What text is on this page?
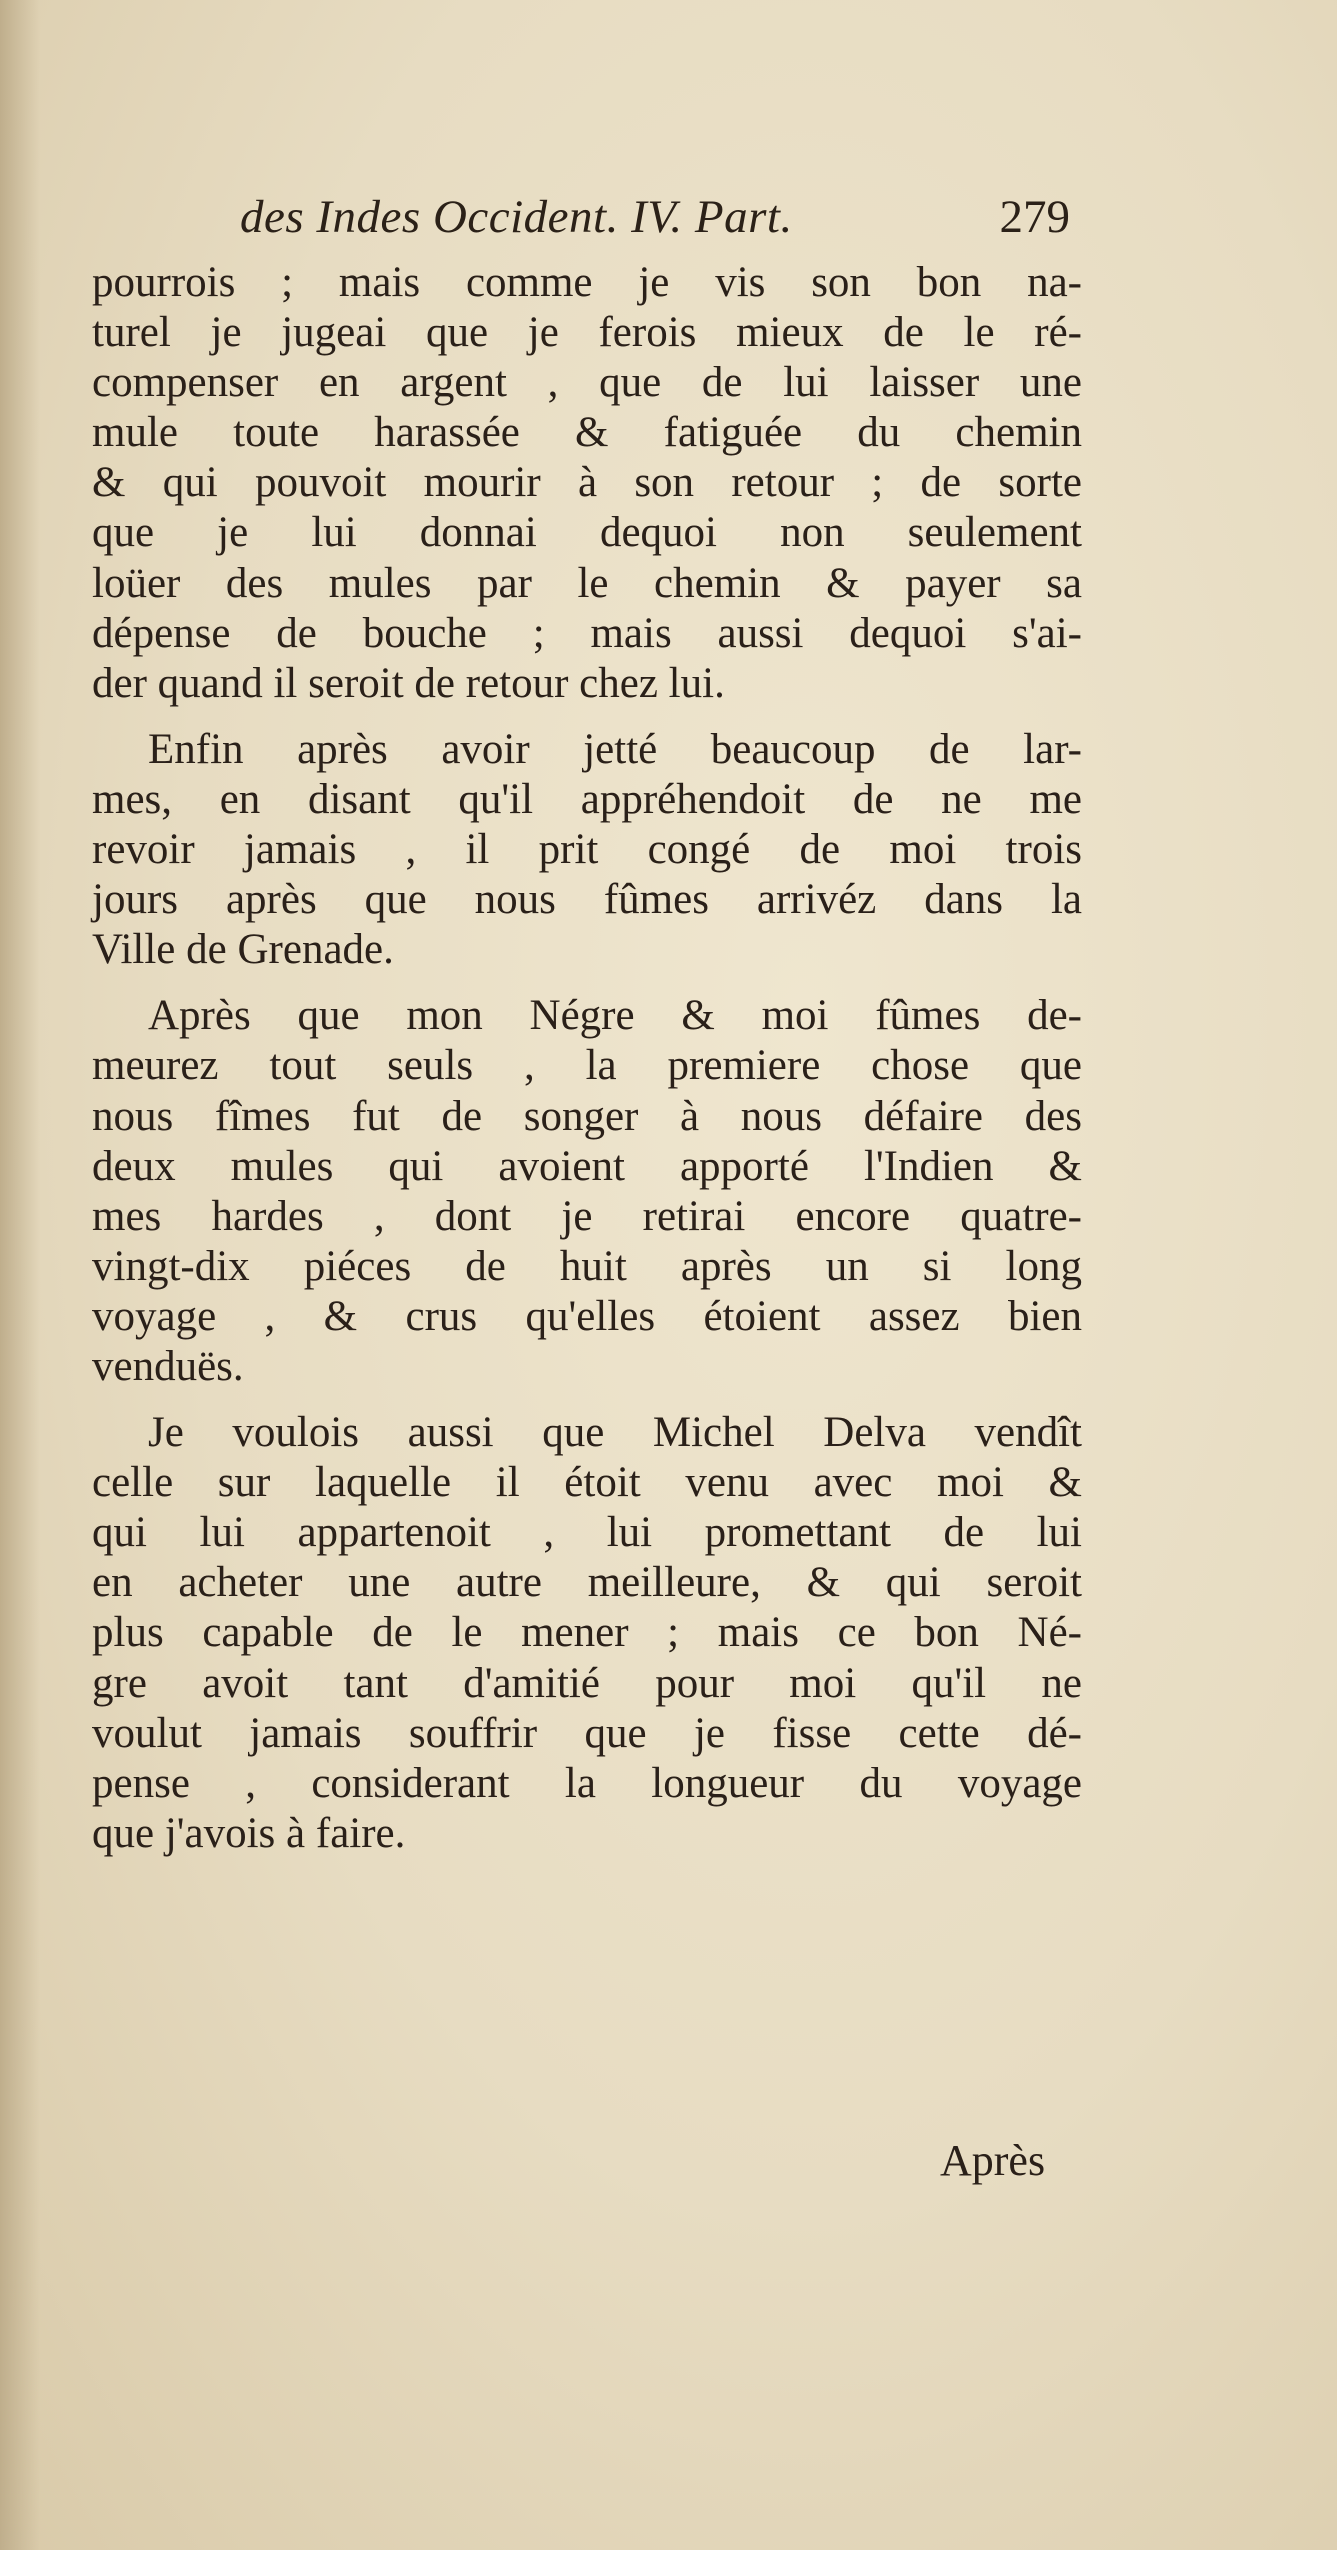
des Indes Occident. IV. Part.	279
pourrois ; mais comme je vis son bon na-
turel je jugeai que je ferois mieux de le ré-
compenser en argent , que de lui laisser une
mule toute harassée & fatiguée du chemin
& qui pouvoit mourir à son retour ; de sorte
que je lui donnai dequoi non seulement
loüer des mules par le chemin & payer sa
dépense de bouche ; mais aussi dequoi s'ai-
der quand il seroit de retour chez lui.
Enfin après avoir jetté beaucoup de lar-
mes, en disant qu'il appréhendoit de ne me
revoir jamais , il prit congé de moi trois
jours après que nous fûmes arrivéz dans la
Ville de Grenade.
Après que mon Négre & moi fûmes de-
meurez tout seuls , la premiere chose que
nous fîmes fut de songer à nous défaire des
deux mules qui avoient apporté l'Indien &
mes hardes , dont je retirai encore quatre-
vingt-dix piéces de huit après un si long
voyage , & crus qu'elles étoient assez bien
venduës.
Je voulois aussi que Michel Delva vendît
celle sur laquelle il étoit venu avec moi &
qui lui appartenoit , lui promettant de lui
en acheter une autre meilleure, & qui seroit
plus capable de le mener ; mais ce bon Né-
gre avoit tant d'amitié pour moi qu'il ne
voulut jamais souffrir que je fisse cette dé-
pense , considerant la longueur du voyage
que j'avois à faire.
Après
